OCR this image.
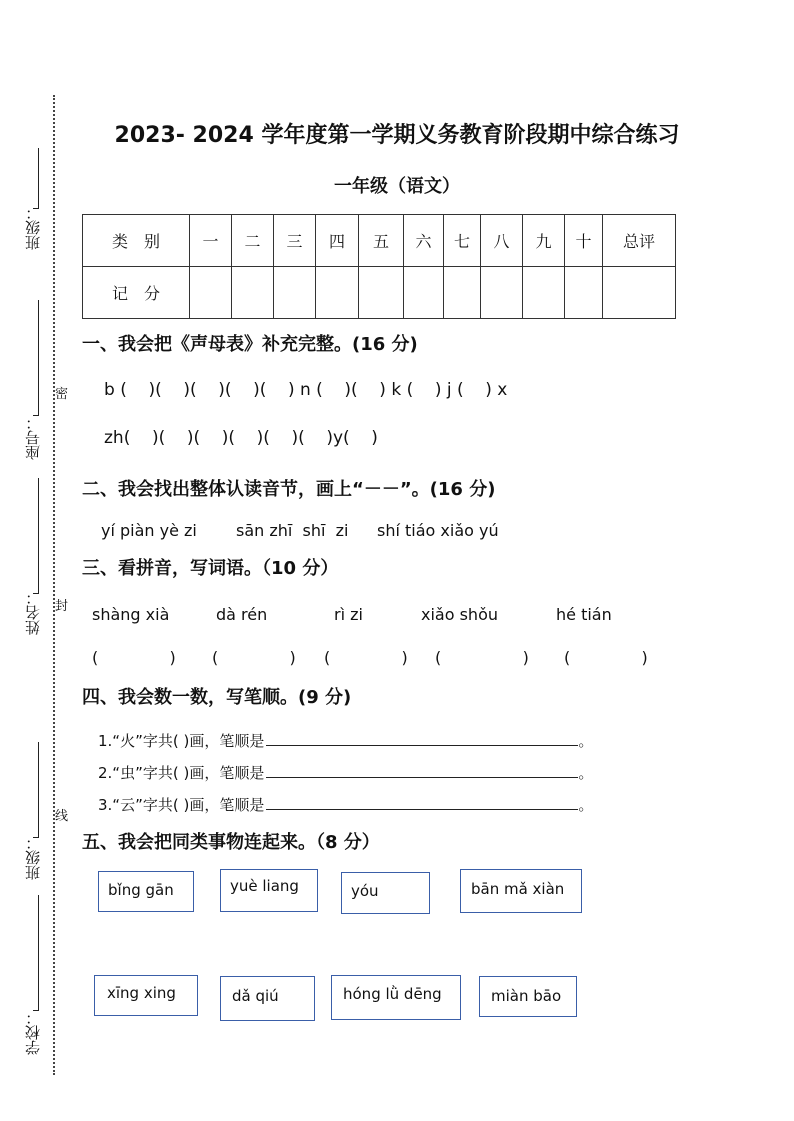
班级：
座号：
姓名：
班级：
学校：
密
封
线
2023- 2024 学年度第一学期义务教育阶段期中综合练习
一年级（语文）
类　别	一	二	三	四	五	六	七	八	九	十	总评
记　分											
一、我会把《声母表》补充完整。(16 分)
b (    )(    )(    )(    )(    ) n (    )(    ) k (    ) j (    ) x
zh(    )(    )(    )(    )(    )(    )y(    )
二、我会找出整体认读音节，画上“－－”。(16 分)
yí piàn yè zi sān zhī  shī  zi shí tiáo xiǎo yú
三、看拼音，写词语。（10 分）
shàng xià	dà rén	rì zi	xiǎo shǒu	hé tián
(              ) (              ) (              ) (                ) (              )
四、我会数一数，写笔顺。(9 分)
1.“火”字共( )画，笔顺是	。
2.“虫”字共( )画，笔顺是	。
3.“云”字共( )画，笔顺是	。
五、我会把同类事物连起来。（8 分）
bǐng gān	yuè liang	yóu	bān mǎ xiàn
xīng xing	dǎ qiú	hóng lǜ dēng	miàn bāo
